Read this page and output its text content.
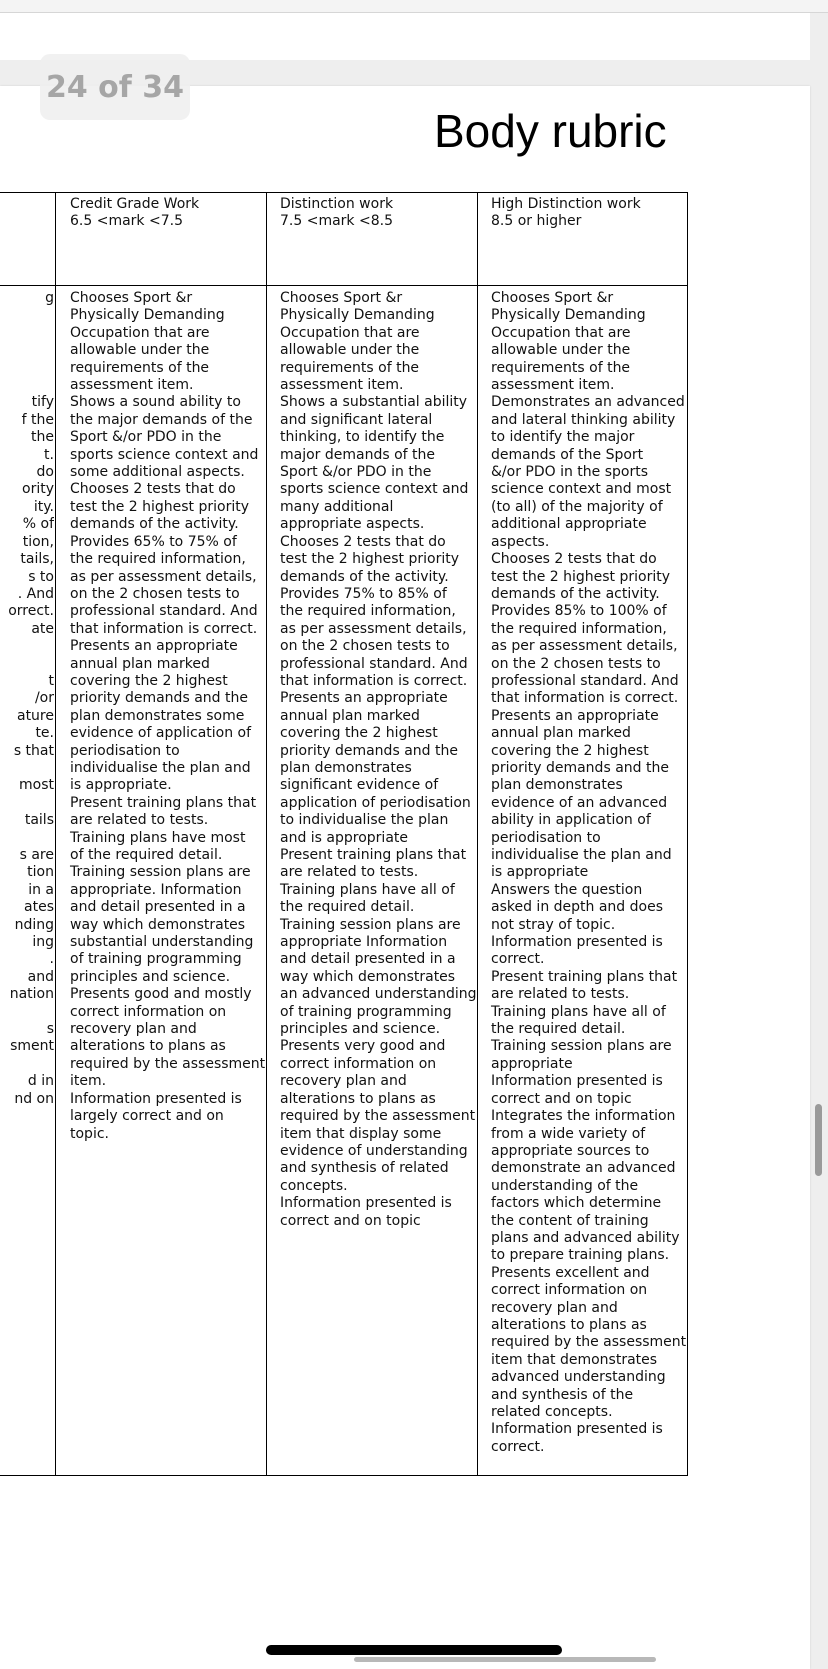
24 of 34
Body rubric
g

tify
f the
the
t.
do
ority
ity.
% of
tion,
tails,
s to
. And
orrect.
ate

t
/or
ature
te.
s that

most

tails

s are
tion
in a
ates
nding
ing
.
and
nation

s
sment

d in
nd on
Credit Grade Work
6.5 <mark <7.5
Distinction work
7.5 <mark <8.5
High Distinction work
8.5 or higher
Chooses Sport &r
Physically Demanding
Occupation that are
allowable under the
requirements of the
assessment item.
Shows a sound ability to
the major demands of the
Sport &/or PDO in the
sports science context and
some additional aspects.
Chooses 2 tests that do
test the 2 highest priority
demands of the activity.
Provides 65% to 75% of
the required information,
as per assessment details,
on the 2 chosen tests to
professional standard. And
that information is correct.
Presents an appropriate
annual plan marked
covering the 2 highest
priority demands and the
plan demonstrates some
evidence of application of
periodisation to
individualise the plan and
is appropriate.
Present training plans that
are related to tests.
Training plans have most
of the required detail.
Training session plans are
appropriate. Information
and detail presented in a
way which demonstrates
substantial understanding
of training programming
principles and science.
Presents good and mostly
correct information on
recovery plan and
alterations to plans as
required by the assessment
item.
Information presented is
largely correct and on
topic.
Chooses Sport &r
Physically Demanding
Occupation that are
allowable under the
requirements of the
assessment item.
Shows a substantial ability
and significant lateral
thinking, to identify the
major demands of the
Sport &/or PDO in the
sports science context and
many additional
appropriate aspects.
Chooses 2 tests that do
test the 2 highest priority
demands of the activity.
Provides 75% to 85% of
the required information,
as per assessment details,
on the 2 chosen tests to
professional standard. And
that information is correct.
Presents an appropriate
annual plan marked
covering the 2 highest
priority demands and the
plan demonstrates
significant evidence of
application of periodisation
to individualise the plan
and is appropriate
Present training plans that
are related to tests.
Training plans have all of
the required detail.
Training session plans are
appropriate Information
and detail presented in a
way which demonstrates
an advanced understanding
of training programming
principles and science.
Presents very good and
correct information on
recovery plan and
alterations to plans as
required by the assessment
item that display some
evidence of understanding
and synthesis of related
concepts.
Information presented is
correct and on topic
Chooses Sport &r
Physically Demanding
Occupation that are
allowable under the
requirements of the
assessment item.
Demonstrates an advanced
and lateral thinking ability
to identify the major
demands of the Sport
&/or PDO in the sports
science context and most
(to all) of the majority of
additional appropriate
aspects.
Chooses 2 tests that do
test the 2 highest priority
demands of the activity.
Provides 85% to 100% of
the required information,
as per assessment details,
on the 2 chosen tests to
professional standard. And
that information is correct.
Presents an appropriate
annual plan marked
covering the 2 highest
priority demands and the
plan demonstrates
evidence of an advanced
ability in application of
periodisation to
individualise the plan and
is appropriate
Answers the question
asked in depth and does
not stray of topic.
Information presented is
correct.
Present training plans that
are related to tests.
Training plans have all of
the required detail.
Training session plans are
appropriate
Information presented is
correct and on topic
Integrates the information
from a wide variety of
appropriate sources to
demonstrate an advanced
understanding of the
factors which determine
the content of training
plans and advanced ability
to prepare training plans.
Presents excellent and
correct information on
recovery plan and
alterations to plans as
required by the assessment
item that demonstrates
advanced understanding
and synthesis of the
related concepts.
Information presented is
correct.
